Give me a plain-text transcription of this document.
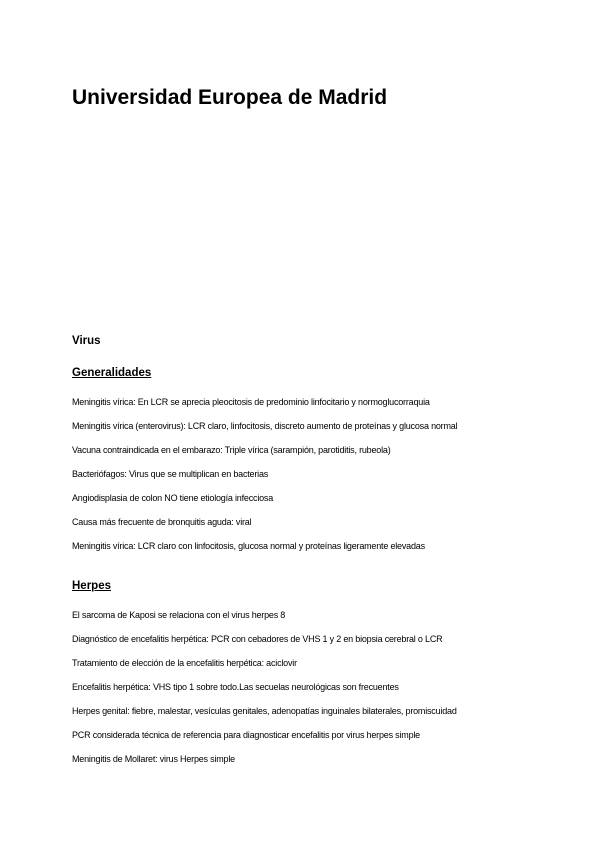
Universidad Europea de Madrid
Virus
Generalidades
Meningitis vírica: En LCR se aprecia pleocitosis de predominio linfocitario y normoglucorraquia
Meningitis vírica (enterovirus): LCR claro, linfocitosis, discreto aumento de proteínas y glucosa normal
Vacuna contraindicada en el embarazo: Triple vírica (sarampión, parotiditis, rubeola)
Bacteriófagos: Virus que se multiplican en bacterias
Angiodisplasia de colon NO tiene etiología infecciosa
Causa más frecuente de bronquitis aguda: viral
Meningitis vírica: LCR claro con linfocitosis, glucosa normal y proteínas ligeramente elevadas
Herpes
El sarcoma de Kaposi se relaciona con el virus herpes 8
Diagnóstico de encefalitis herpética: PCR con cebadores de VHS 1 y 2 en biopsia cerebral o LCR
Tratamiento de elección de la encefalitis herpética: aciclovir
Encefalitis herpética: VHS tipo 1 sobre todo.Las secuelas neurológicas son frecuentes
Herpes genital: fiebre, malestar, vesículas genitales, adenopatías inguinales bilaterales, promiscuidad
PCR considerada técnica de referencia para diagnosticar encefalitis por virus herpes simple
Meningitis de Mollaret: virus Herpes simple
